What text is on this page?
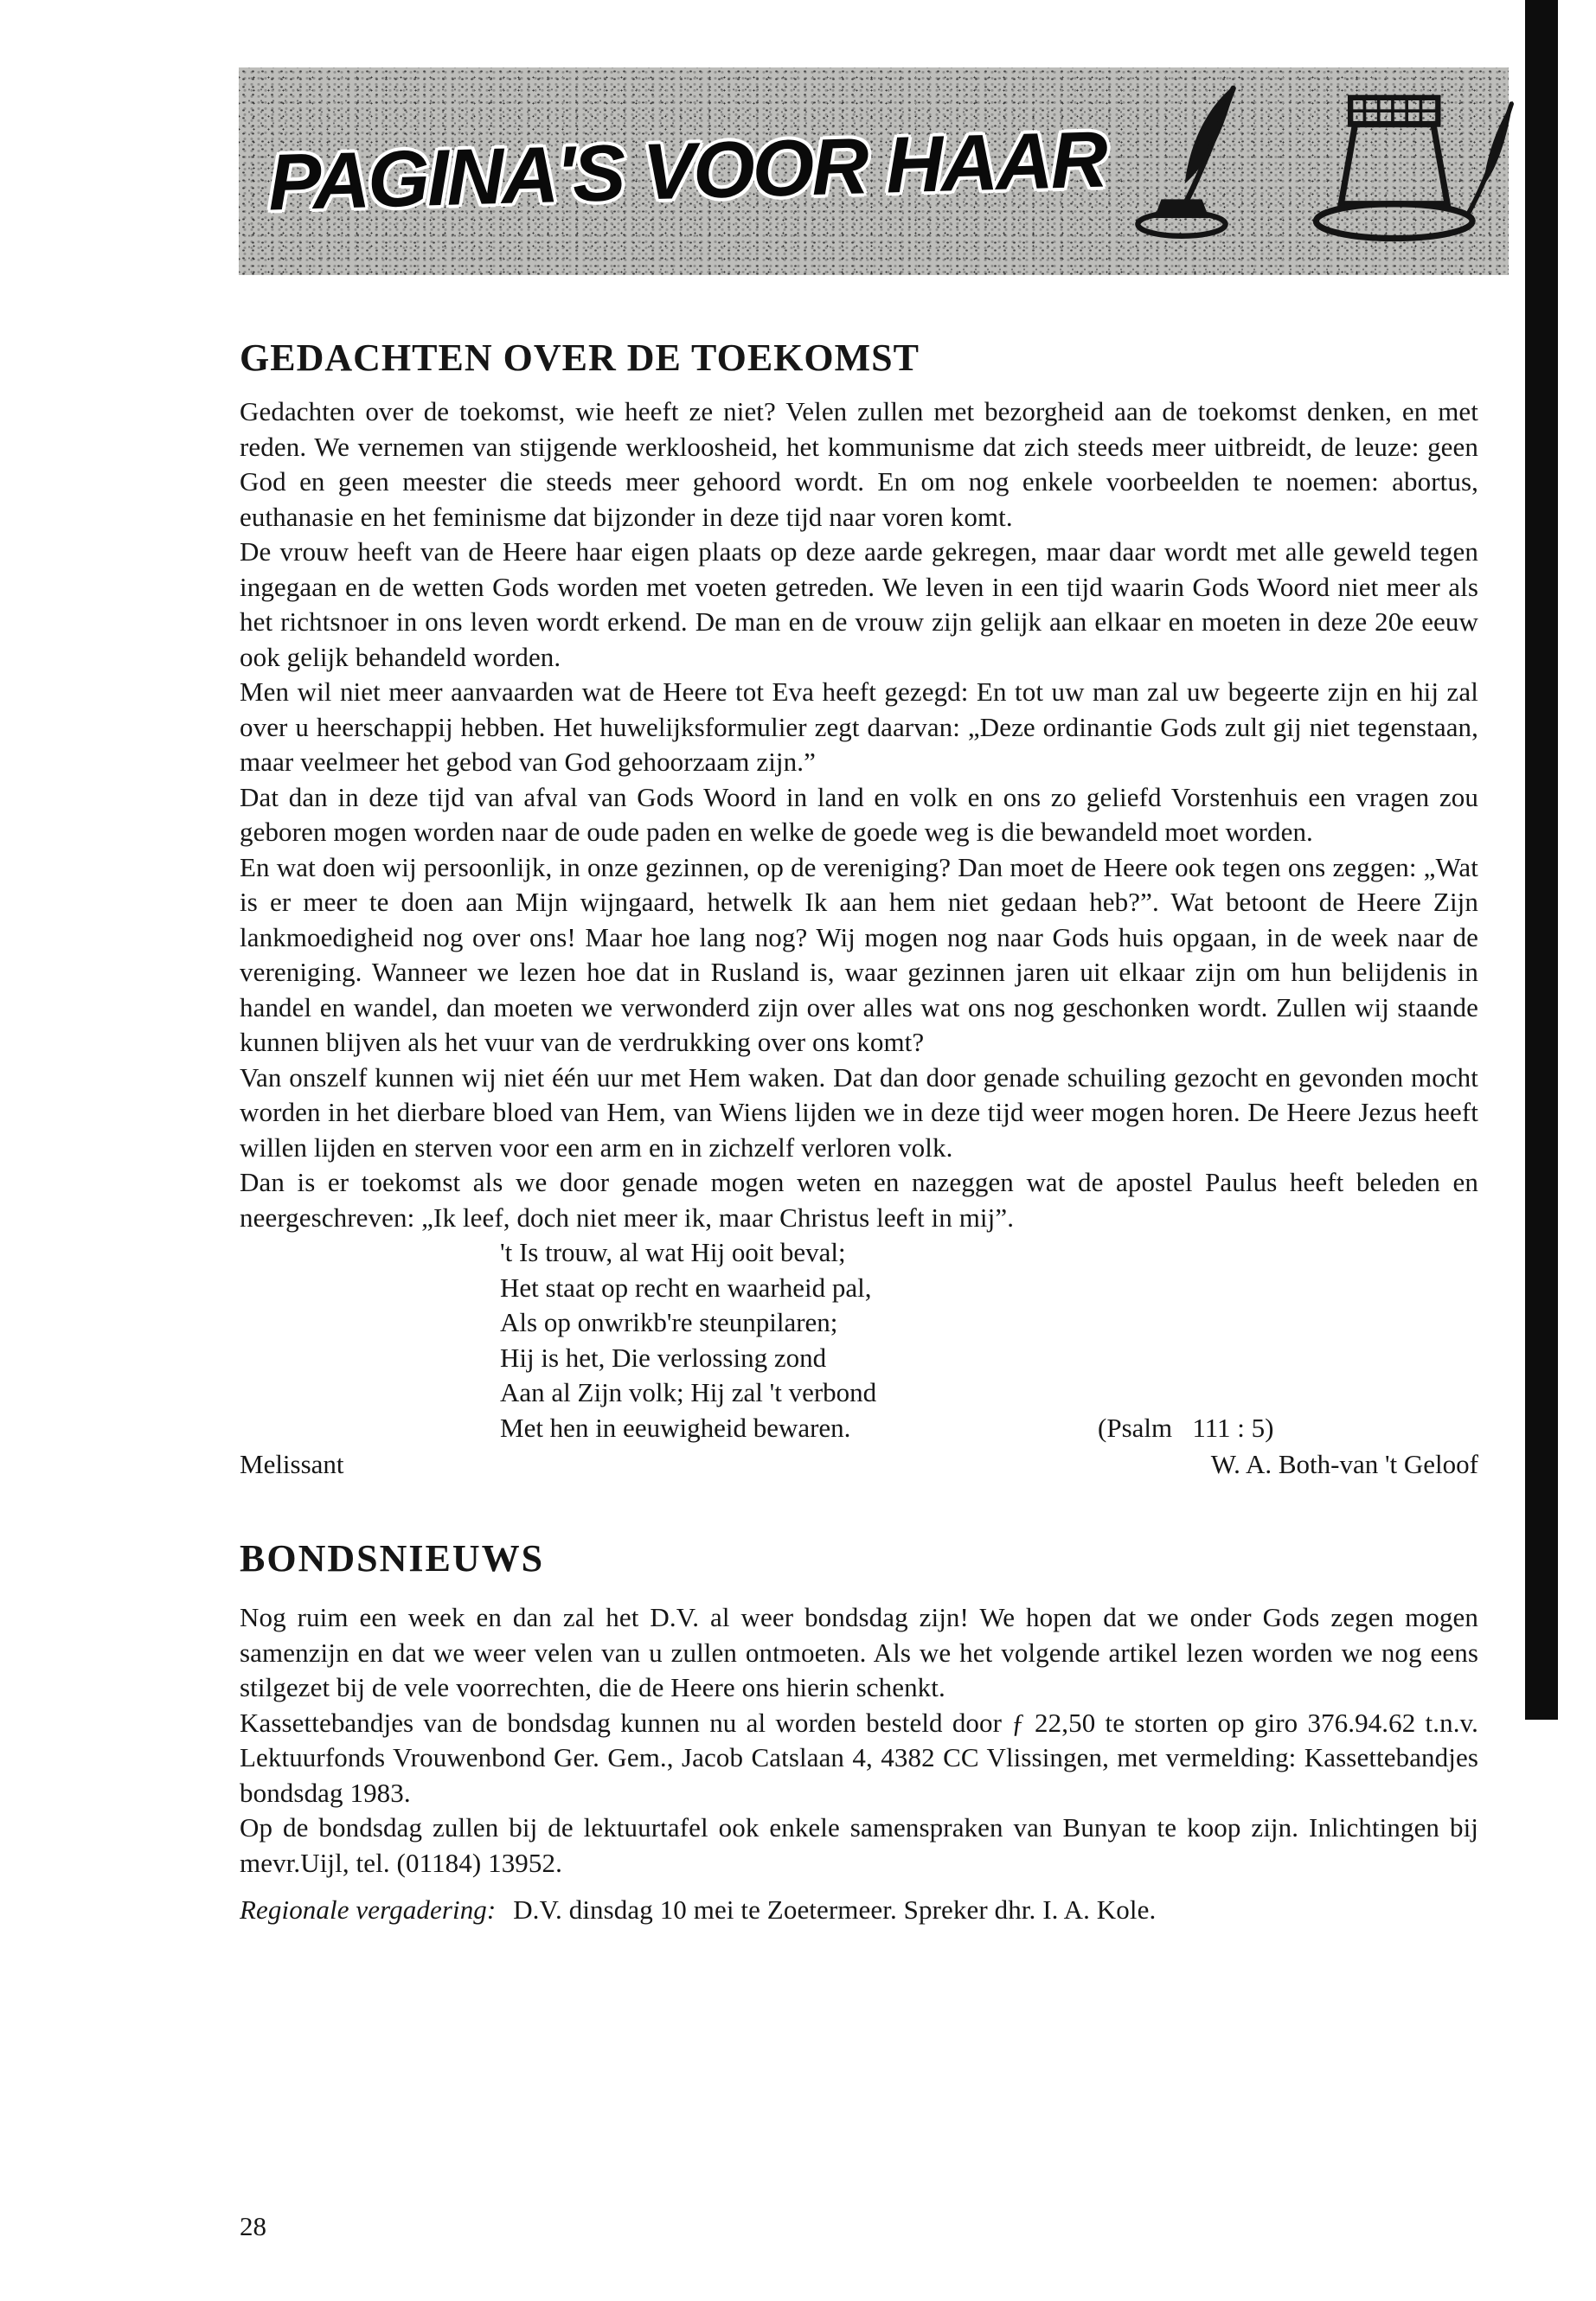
PAGINA'S VOOR HAAR
GEDACHTEN OVER DE TOEKOMST

Gedachten over de toekomst, wie heeft ze niet? Velen zullen met bezorgheid aan de toekomst denken, en met reden. We vernemen van stijgende werkloosheid, het kommunisme dat zich steeds meer uitbreidt, de leuze: geen God en geen meester die steeds meer gehoord wordt. En om nog enkele voorbeelden te noemen: abortus, euthanasie en het feminisme dat bijzonder in deze tijd naar voren komt.

De vrouw heeft van de Heere haar eigen plaats op deze aarde gekregen, maar daar wordt met alle geweld tegen ingegaan en de wetten Gods worden met voeten getreden. We leven in een tijd waarin Gods Woord niet meer als het richtsnoer in ons leven wordt erkend. De man en de vrouw zijn gelijk aan elkaar en moeten in deze 20e eeuw ook gelijk behandeld worden.

Men wil niet meer aanvaarden wat de Heere tot Eva heeft gezegd: En tot uw man zal uw begeerte zijn en hij zal over u heerschappij hebben. Het huwelijksformulier zegt daarvan: „Deze ordinantie Gods zult gij niet tegenstaan, maar veelmeer het gebod van God gehoorzaam zijn.”

Dat dan in deze tijd van afval van Gods Woord in land en volk en ons zo geliefd Vorstenhuis een vragen zou geboren mogen worden naar de oude paden en welke de goede weg is die bewandeld moet worden.

En wat doen wij persoonlijk, in onze gezinnen, op de vereniging? Dan moet de Heere ook tegen ons zeggen: „Wat is er meer te doen aan Mijn wijngaard, hetwelk Ik aan hem niet gedaan heb?”. Wat betoont de Heere Zijn lankmoedigheid nog over ons! Maar hoe lang nog? Wij mogen nog naar Gods huis opgaan, in de week naar de vereniging. Wanneer we lezen hoe dat in Rusland is, waar gezinnen jaren uit elkaar zijn om hun belijdenis in handel en wandel, dan moeten we verwonderd zijn over alles wat ons nog geschonken wordt. Zullen wij staande kunnen blijven als het vuur van de verdrukking over ons komt?

Van onszelf kunnen wij niet één uur met Hem waken. Dat dan door genade schuiling gezocht en gevonden mocht worden in het dierbare bloed van Hem, van Wiens lijden we in deze tijd weer mogen horen. De Heere Jezus heeft willen lijden en sterven voor een arm en in zichzelf verloren volk.

Dan is er toekomst als we door genade mogen weten en nazeggen wat de apostel Paulus heeft beleden en neergeschreven: „Ik leef, doch niet meer ik, maar Christus leeft in mij”.

't Is trouw, al wat Hij ooit beval;
Het staat op recht en waarheid pal,
Als op onwrikb're steunpilaren;
Hij is het, Die verlossing zond
Aan al Zijn volk; Hij zal 't verbond
Met hen in eeuwigheid bewaren.	(Psalm   111 : 5)
Melissant	W. A. Both-van 't Geloof
BONDSNIEUWS

Nog ruim een week en dan zal het D.V. al weer bondsdag zijn! We hopen dat we onder Gods zegen mogen samenzijn en dat we weer velen van u zullen ontmoeten. Als we het volgende artikel lezen worden we nog eens stilgezet bij de vele voorrechten, die de Heere ons hierin schenkt.

Kassettebandjes van de bondsdag kunnen nu al worden besteld door ƒ 22,50 te storten op giro 376.94.62 t.n.v. Lektuurfonds Vrouwenbond Ger. Gem., Jacob Catslaan 4, 4382 CC Vlissingen, met vermelding: Kassettebandjes bondsdag 1983.

Op de bondsdag zullen bij de lektuurtafel ook enkele samenspraken van Bunyan te koop zijn. Inlichtingen bij mevr.Uijl, tel. (01184) 13952.

Regionale vergadering: D.V. dinsdag 10 mei te Zoetermeer. Spreker dhr. I. A. Kole.

28
